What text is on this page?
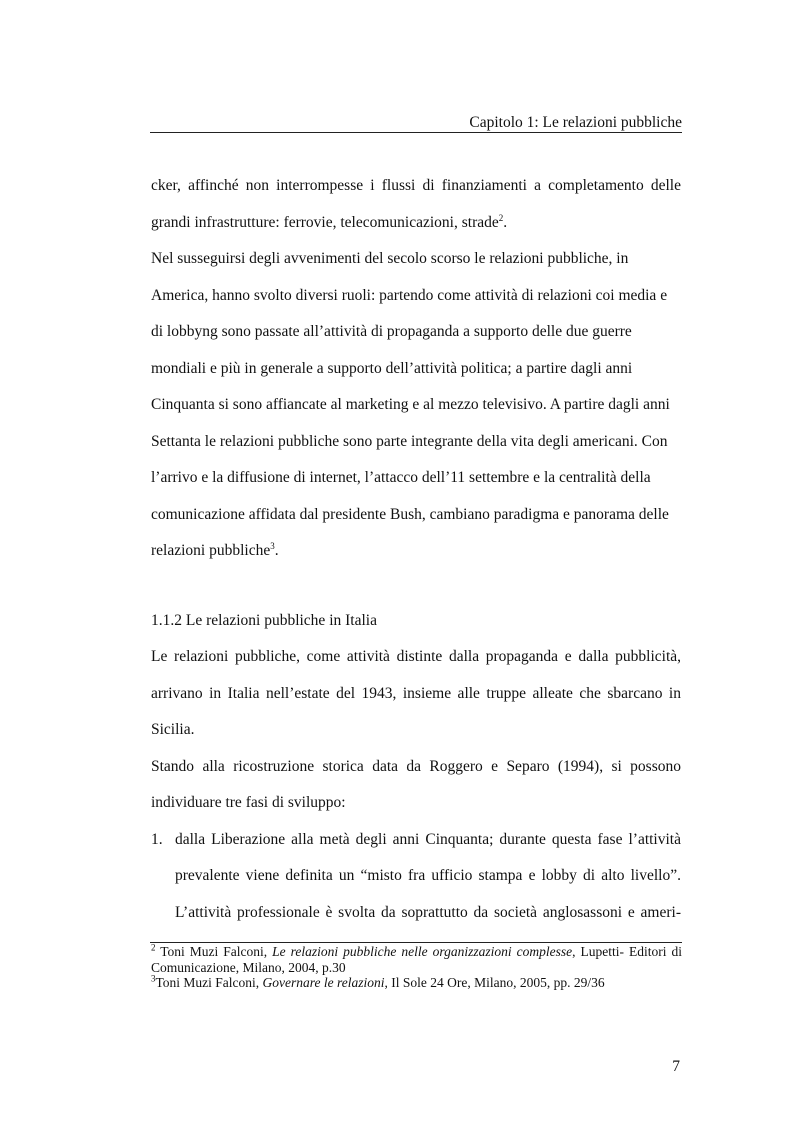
Capitolo 1: Le relazioni pubbliche

cker, affinché non interrompesse i flussi di finanziamenti a completamento delle grandi infrastrutture: ferrovie, telecomunicazioni, strade$^2$.

Nel susseguirsi degli avvenimenti del secolo scorso le relazioni pubbliche, in America, hanno svolto diversi ruoli: partendo come attività di relazioni coi media e di lobbyng sono passate all’attività di propaganda a supporto delle due guerre mondiali e più in generale a supporto dell’attività politica; a partire dagli anni Cinquanta si sono affiancate al marketing e al mezzo televisivo. A partire dagli anni Settanta le relazioni pubbliche sono parte integrante della vita degli americani. Con l’arrivo e la diffusione di internet, l’attacco dell’11 settembre e la centralità della comunicazione affidata dal presidente Bush, cambiano paradigma e panorama delle relazioni pubbliche$^3$.

1.1.2 Le relazioni pubbliche in Italia

Le relazioni pubbliche, come attività distinte dalla propaganda e dalla pubblicità, arrivano in Italia nell’estate del 1943, insieme alle truppe alleate che sbarcano in Sicilia.

Stando alla ricostruzione storica data da Roggero e Separo (1994), si possono individuare tre fasi di sviluppo:

1. dalla Liberazione alla metà degli anni Cinquanta; durante questa fase l’attività prevalente viene definita un “misto fra ufficio stampa e lobby di alto livello”. L’attività professionale è svolta da soprattutto da società anglosassoni e ameri-

$^2$ Toni Muzi Falconi, Le relazioni pubbliche nelle organizzazioni complesse, Lupetti- Editori di Comunicazione, Milano, 2004, p.30

$^3$Toni Muzi Falconi, Governare le relazioni, Il Sole 24 Ore, Milano, 2005, pp. 29/36

7
